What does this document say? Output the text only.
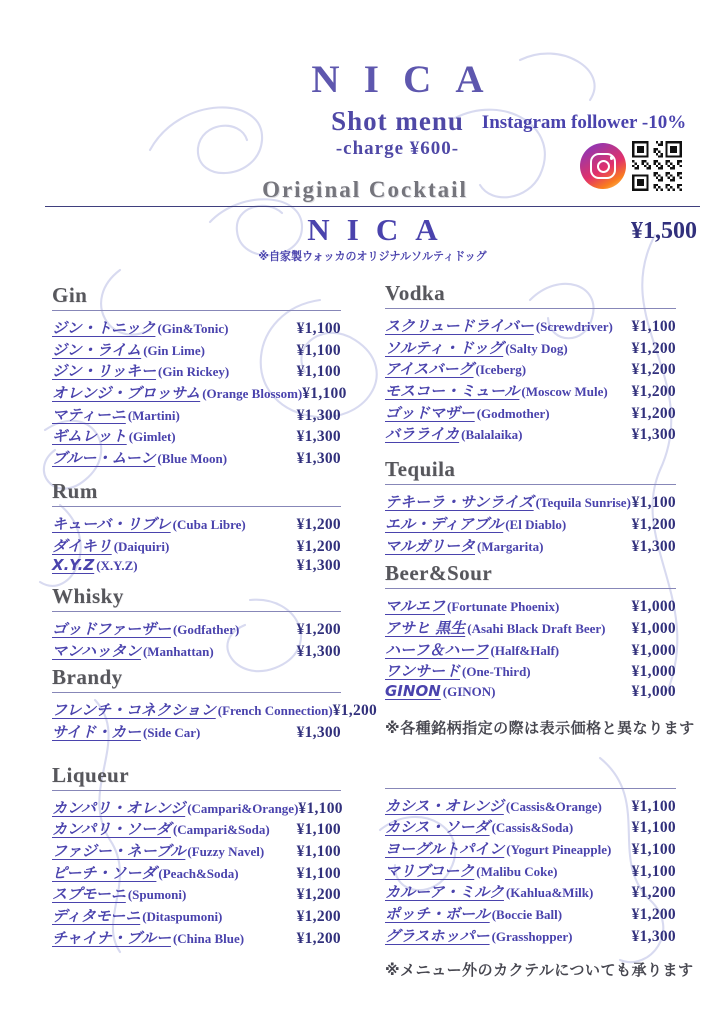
NICA
Shot menu
-charge ¥600-
Instagram follower -10%
Original Cocktail
NICA	¥1,500
※自家製ウォッカのオリジナルソルティドッグ
Gin
ジン・トニック (Gin&Tonic)	¥1,100
ジン・ライム (Gin Lime)	¥1,100
ジン・リッキー (Gin Rickey)	¥1,100
オレンジ・ブロッサム (Orange Blossom) ¥1,100
マティーニ (Martini)	¥1,300
ギムレット (Gimlet)	¥1,300
ブルー・ムーン (Blue Moon)	¥1,300
Rum
キューバ・リブレ (Cuba Libre)	¥1,200
ダイキリ (Daiquiri)	¥1,200
X.Y.Z (X.Y.Z)	¥1,300
Whisky
ゴッドファーザー (Godfather)	¥1,200
マンハッタン (Manhattan)	¥1,300
Brandy
フレンチ・コネクション (French Connection) ¥1,200
サイド・カー (Side Car)	¥1,300
Liqueur
カンパリ・オレンジ (Campari&Orange) ¥1,100
カンパリ・ソーダ (Campari&Soda) ¥1,100
ファジー・ネーブル (Fuzzy Navel) ¥1,100
ピーチ・ソーダ (Peach&Soda)	¥1,100
スプモーニ (Spumoni)	¥1,200
ディタモーニ (Ditaspumoni)	¥1,200
チャイナ・ブルー (China Blue)	¥1,200
Vodka
スクリュードライバー (Screwdriver) ¥1,100
ソルティ・ドッグ (Salty Dog)	¥1,200
アイスバーグ (Iceberg)	¥1,200
モスコー・ミュール (Moscow Mule) ¥1,200
ゴッドマザー (Godmother)	¥1,200
バラライカ (Balalaika)	¥1,300
Tequila
テキーラ・サンライズ (Tequila Sunrise) ¥1,100
エル・ディアブル (El Diablo)	¥1,200
マルガリータ (Margarita)	¥1,300
Beer&Sour
マルエフ (Fortunate Phoenix)	¥1,000
アサヒ 黒生 (Asahi Black Draft Beer) ¥1,000
ハーフ＆ハーフ (Half&Half)	¥1,000
ワンサード (One-Third)	¥1,000
GINON (GINON)	¥1,000
※各種銘柄指定の際は表示価格と異なります
カシス・オレンジ (Cassis&Orange) ¥1,100
カシス・ソーダ (Cassis&Soda)	¥1,100
ヨーグルトパイン (Yogurt Pineapple) ¥1,100
マリブコーク (Malibu Coke)	¥1,100
カルーア・ミルク (Kahlua&Milk) ¥1,200
ポッチ・ボール (Boccie Ball)	¥1,200
グラスホッパー (Grasshopper)	¥1,300
※メニュー外のカクテルについても承ります
